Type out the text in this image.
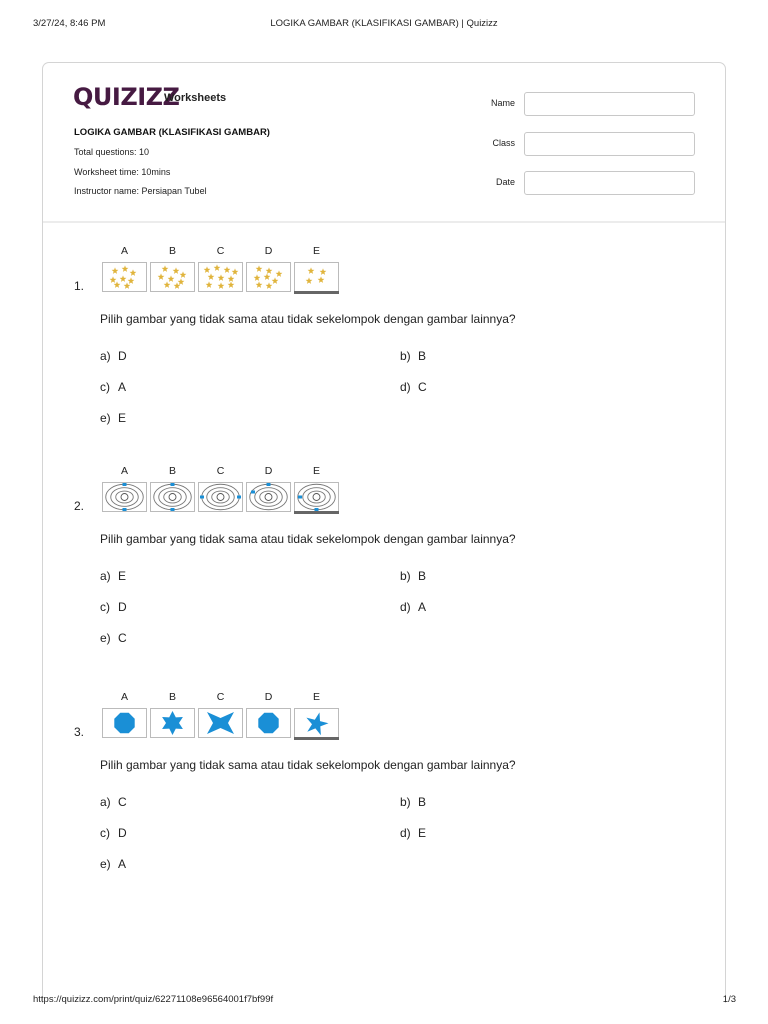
3/27/24, 8:46 PM	LOGIKA GAMBAR (KLASIFIKASI GAMBAR) | Quizizz
QUIZIZZ
Worksheets
LOGIKA GAMBAR (KLASIFIKASI GAMBAR)
Total questions: 10
Worksheet time: 10mins
Instructor name: Persiapan Tubel
Name
Class
Date
A	B	C	D	E
1.
Pilih gambar yang tidak sama atau tidak sekelompok dengan gambar lainnya?
a) D	b) B
c) A	d) C
e) E
A	B	C	D	E
2.
Pilih gambar yang tidak sama atau tidak sekelompok dengan gambar lainnya?
a) E	b) B
c) D	d) A
e) C
A	B	C	D	E
3.
Pilih gambar yang tidak sama atau tidak sekelompok dengan gambar lainnya?
a) C	b) B
c) D	d) E
e) A
https://quizizz.com/print/quiz/62271108e96564001f7bf99f	1/3
